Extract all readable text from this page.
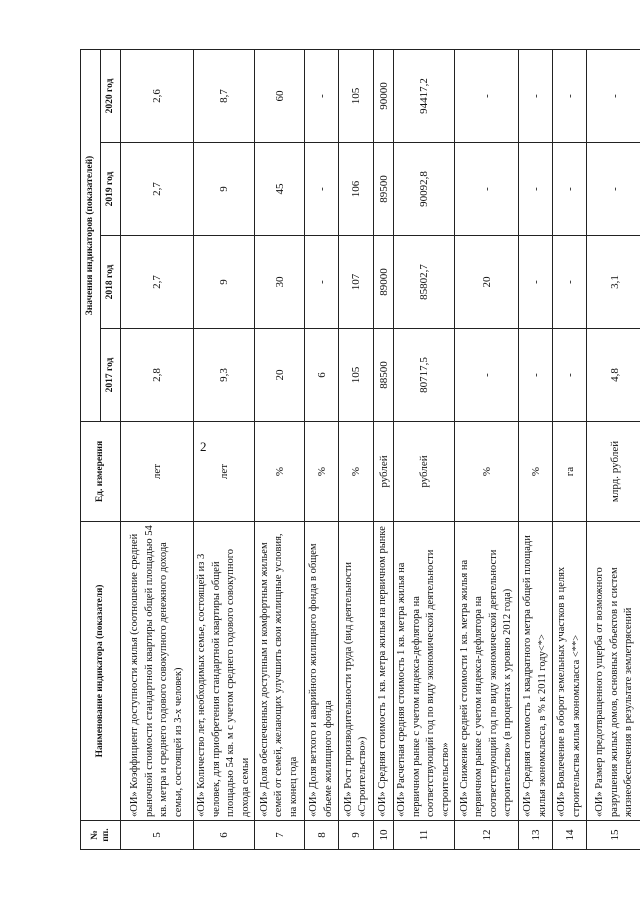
2
№ пп.	Наименование индикатора (показателя)	Ед. измерения	Значения индикаторов (показателей)			
			2017 год	2018 год	2019 год	2020 год
5	«ОИ» Коэффициент доступности жилья (соотношение средней рыночной стоимости стандартной квартиры общей площадью 54 кв. метра и среднего годового совокупного денежного дохода семьи, состоящей из 3-х человек)	лет	2,8	2,7	2,7	2,6
6	«ОИ» Количество лет, необходимых семье, состоящей из 3 человек, для приобретения стандартной квартиры общей площадью 54 кв. м с учетом среднего годового совокупного дохода семьи	лет	9,3	9	9	8,7
7	«ОИ» Доля обеспеченных доступным и комфортным жильем семей от семей, желающих улучшить свои жилищные условия, на конец года	%	20	30	45	60
8	«ОИ» Доля ветхого и аварийного жилищного фонда в общем объеме жилищного фонда	%	6	-	-	-
9	«ОИ» Рост производительности труда (вид деятельности «Строительство»)	%	105	107	106	105
10	«ОИ» Средняя стоимость 1 кв. метра жилья на первичном рынке	рублей	88500	89000	89500	90000
11	«ОИ» Расчетная средняя стоимость 1 кв. метра жилья на первичном рынке с учетом индекса-дефлятора на соответствующий год по виду экономической деятельности «строительство»	рублей	80717,5	85802,7	90092,8	94417,2
12	«ОИ» Снижение средней стоимости 1 кв. метра жилья на первичном рынке с учетом индекса-дефлятора на соответствующий год по виду экономической деятельности «строительство» (в процентах к уровню 2012 года)	%	-	20	-	-
13	«ОИ» Средняя стоимость 1 квадратного метра общей площади жилья экономкласса, в % к 2011 году<*>	%	-	-	-	-
14	«ОИ» Вовлечение в оборот земельных участков в целях строительства жилья экономкласса <**>	га	-	-	-	-
15	«ОИ» Размер предотвращенного ущерба от возможного разрушения жилых домов, основных объектов и систем жизнеобеспечения в результате землетрясений	млрд. рублей	4,8	3,1	-	-
